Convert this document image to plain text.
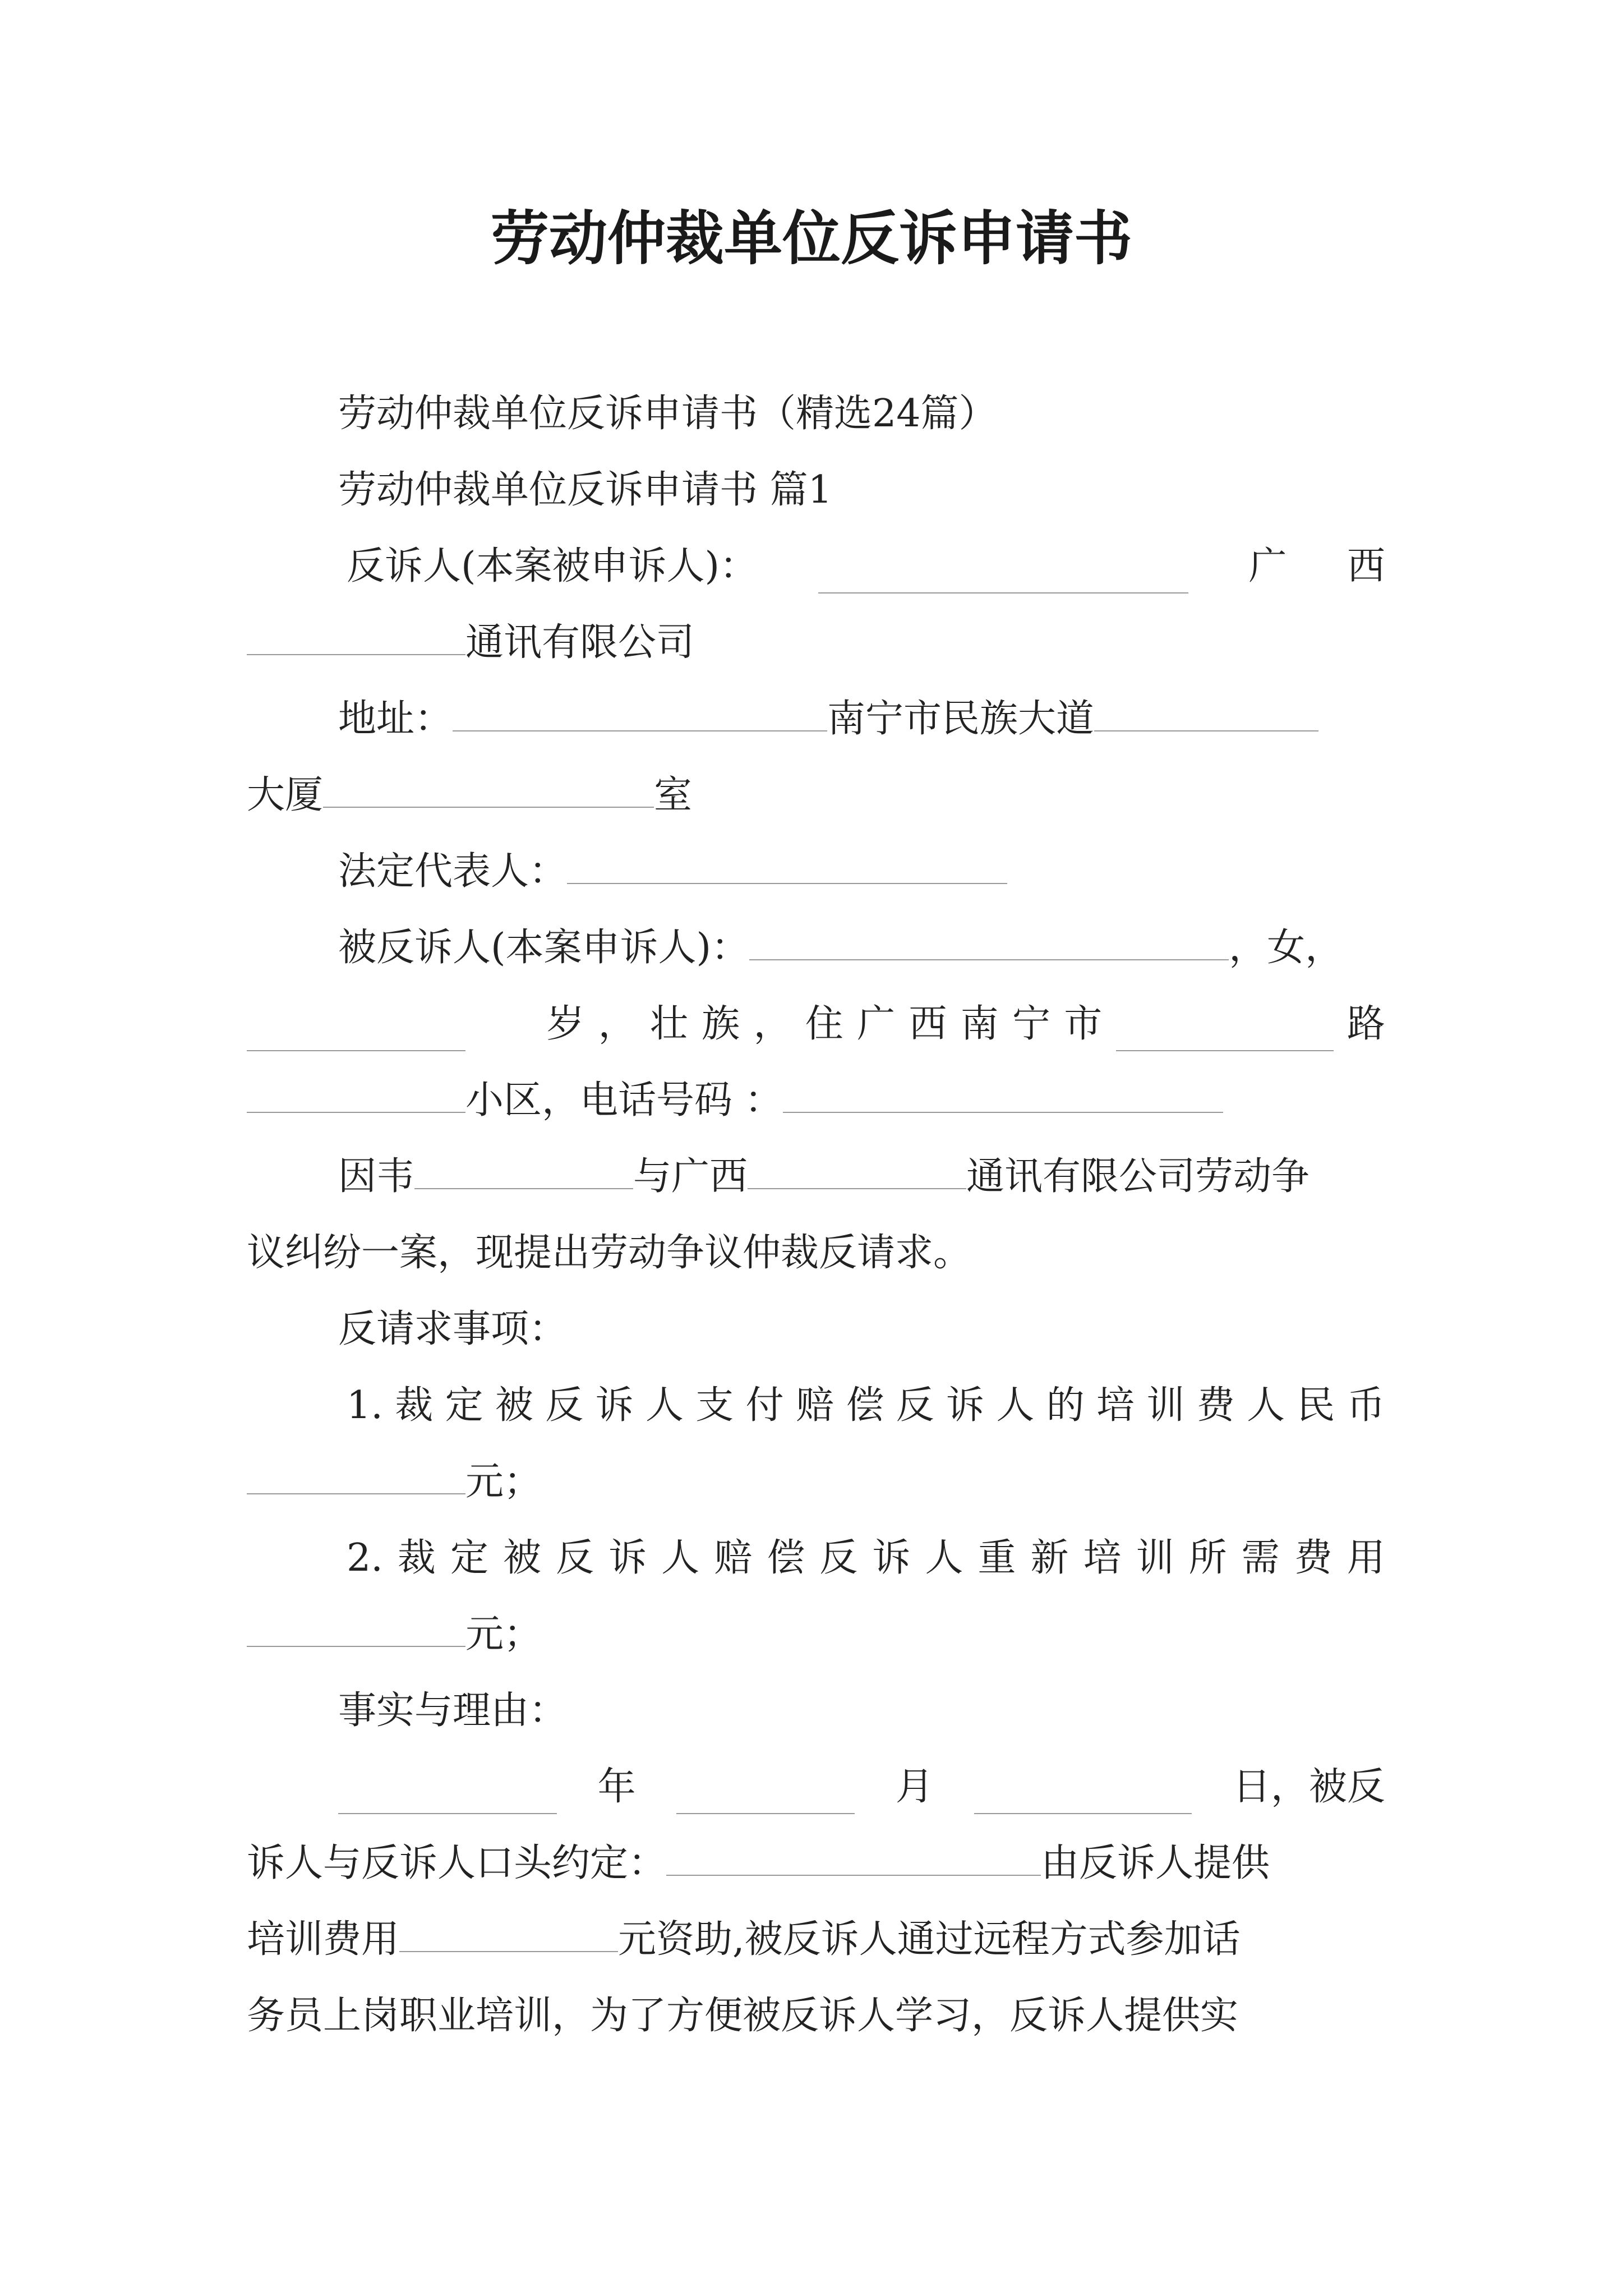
劳动仲裁单位反诉申请书
劳动仲裁单位反诉申请书（精选24篇）
劳动仲裁单位反诉申请书 篇1
反诉人(本案被申诉人)：	广 西
通讯有限公司
地址：	南宁市民族大道
大厦	室
法定代表人：
被反诉人(本案申诉人)：	，女，
岁 ， 壮 族 ， 住 广 西 南 宁 市	路
小区，电话号码 ：
因韦	与广西	通讯有限公司劳动争
议纠纷一案，现提出劳动争议仲裁反请求。
反请求事项：
1. 裁 定 被 反 诉 人 支 付 赔 偿 反 诉 人 的 培 训 费 人 民 币
元；
2. 裁 定 被 反 诉 人 赔 偿 反 诉 人 重 新 培 训 所 需 费 用
元；
事实与理由：
年	月	日，被反
诉人与反诉人口头约定：	由反诉人提供
培训费用	元资助,被反诉人通过远程方式参加话
务员上岗职业培训，为了方便被反诉人学习，反诉人提供实
